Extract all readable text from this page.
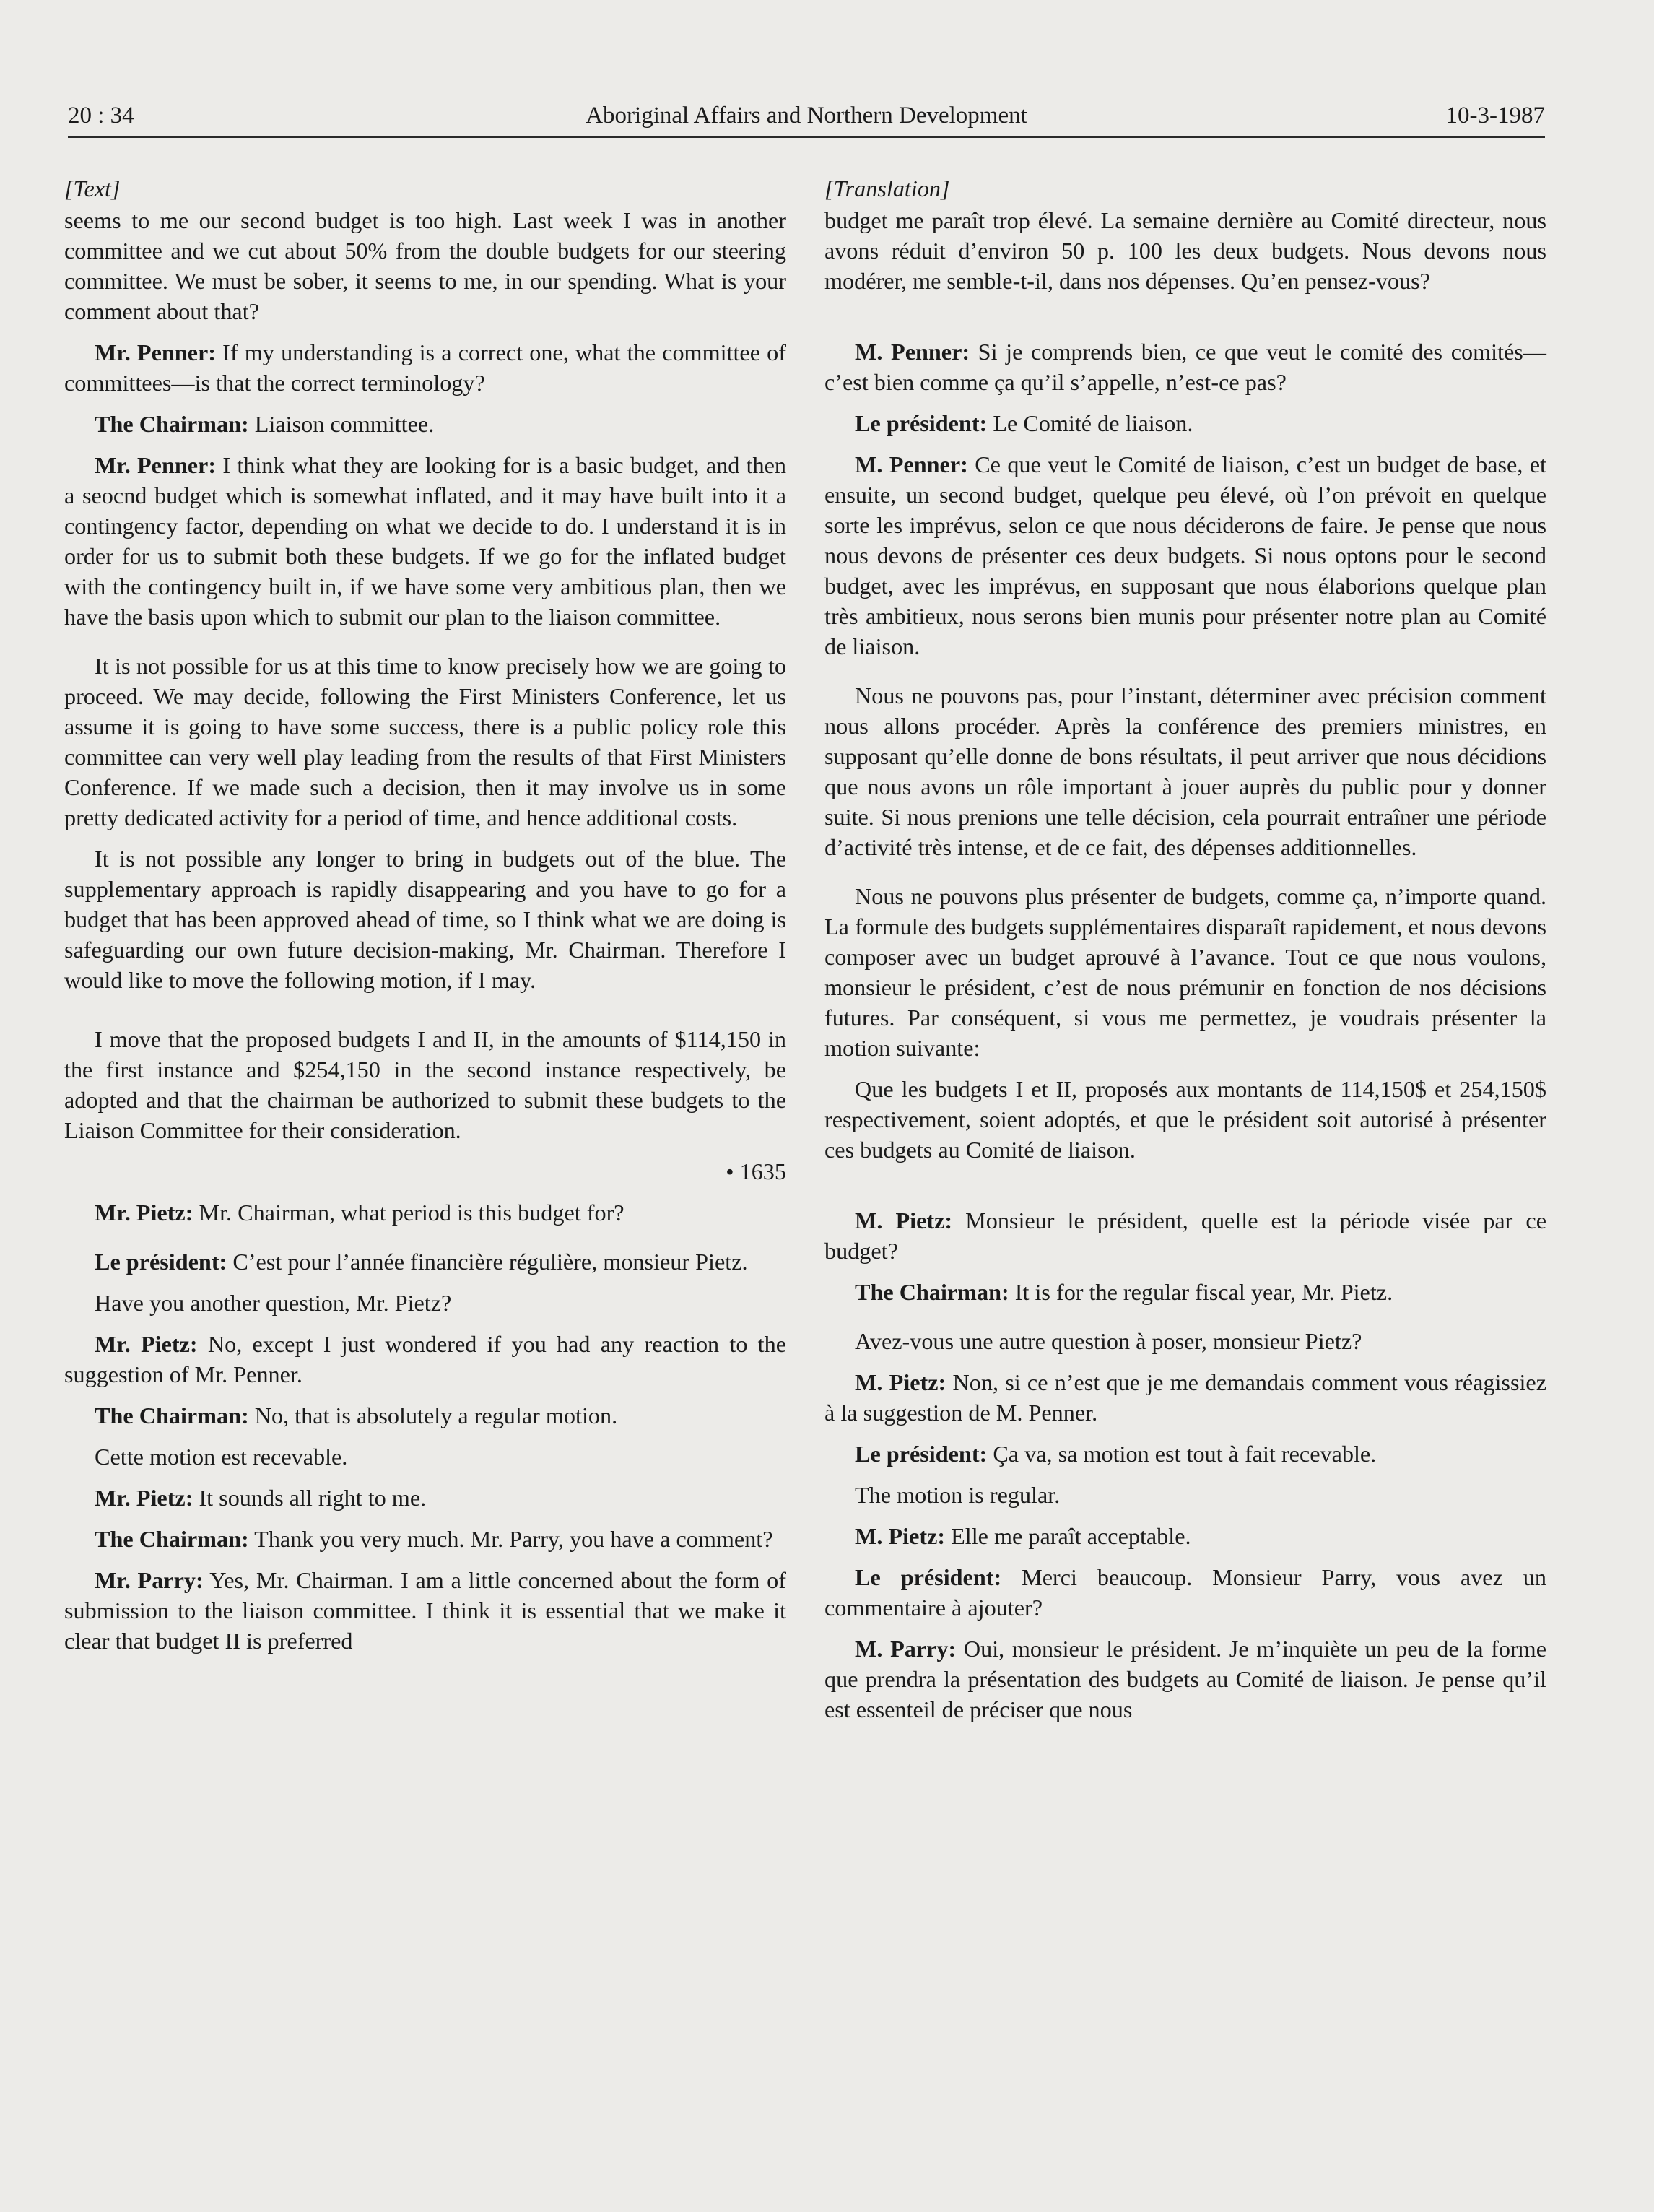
20 : 34	Aboriginal Affairs and Northern Development	10-3-1987

[Text]

seems to me our second budget is too high. Last week I was in another committee and we cut about 50% from the double budgets for our steering committee. We must be sober, it seems to me, in our spending. What is your comment about that?

Mr. Penner: If my understanding is a correct one, what the committee of committees—is that the correct terminology?

The Chairman: Liaison committee.

Mr. Penner: I think what they are looking for is a basic budget, and then a seocnd budget which is somewhat inflated, and it may have built into it a contingency factor, depending on what we decide to do. I understand it is in order for us to submit both these budgets. If we go for the inflated budget with the contingency built in, if we have some very ambitious plan, then we have the basis upon which to submit our plan to the liaison committee.

It is not possible for us at this time to know precisely how we are going to proceed. We may decide, following the First Ministers Conference, let us assume it is going to have some success, there is a public policy role this committee can very well play leading from the results of that First Ministers Conference. If we made such a decision, then it may involve us in some pretty dedicated activity for a period of time, and hence additional costs.

It is not possible any longer to bring in budgets out of the blue. The supplementary approach is rapidly disappearing and you have to go for a budget that has been approved ahead of time, so I think what we are doing is safeguarding our own future decision-making, Mr. Chairman. Therefore I would like to move the following motion, if I may.

I move that the proposed budgets I and II, in the amounts of $114,150 in the first instance and $254,150 in the second instance respectively, be adopted and that the chairman be authorized to submit these budgets to the Liaison Committee for their consideration.

• 1635

Mr. Pietz: Mr. Chairman, what period is this budget for?

Le président: C’est pour l’année financière régulière, monsieur Pietz.

Have you another question, Mr. Pietz?

Mr. Pietz: No, except I just wondered if you had any reaction to the suggestion of Mr. Penner.

The Chairman: No, that is absolutely a regular motion.

Cette motion est recevable.

Mr. Pietz: It sounds all right to me.

The Chairman: Thank you very much. Mr. Parry, you have a comment?

Mr. Parry: Yes, Mr. Chairman. I am a little concerned about the form of submission to the liaison committee. I think it is essential that we make it clear that budget II is preferred

[Translation]

budget me paraît trop élevé. La semaine dernière au Comité directeur, nous avons réduit d’environ 50 p. 100 les deux budgets. Nous devons nous modérer, me semble-t-il, dans nos dépenses. Qu’en pensez-vous?

M. Penner: Si je comprends bien, ce que veut le comité des comités—c’est bien comme ça qu’il s’appelle, n’est-ce pas?

Le président: Le Comité de liaison.

M. Penner: Ce que veut le Comité de liaison, c’est un budget de base, et ensuite, un second budget, quelque peu élevé, où l’on prévoit en quelque sorte les imprévus, selon ce que nous déciderons de faire. Je pense que nous nous devons de présenter ces deux budgets. Si nous optons pour le second budget, avec les imprévus, en supposant que nous élaborions quelque plan très ambitieux, nous serons bien munis pour présenter notre plan au Comité de liaison.

Nous ne pouvons pas, pour l’instant, déterminer avec précision comment nous allons procéder. Après la conférence des premiers ministres, en supposant qu’elle donne de bons résultats, il peut arriver que nous décidions que nous avons un rôle important à jouer auprès du public pour y donner suite. Si nous prenions une telle décision, cela pourrait entraîner une période d’activité très intense, et de ce fait, des dépenses additionnelles.

Nous ne pouvons plus présenter de budgets, comme ça, n’importe quand. La formule des budgets supplémentaires disparaît rapidement, et nous devons composer avec un budget aprouvé à l’avance. Tout ce que nous voulons, monsieur le président, c’est de nous prémunir en fonction de nos décisions futures. Par conséquent, si vous me permettez, je voudrais présenter la motion suivante:

Que les budgets I et II, proposés aux montants de 114,150$ et 254,150$ respectivement, soient adoptés, et que le président soit autorisé à présenter ces budgets au Comité de liaison.

M. Pietz: Monsieur le président, quelle est la période visée par ce budget?

The Chairman: It is for the regular fiscal year, Mr. Pietz.

Avez-vous une autre question à poser, monsieur Pietz?

M. Pietz: Non, si ce n’est que je me demandais comment vous réagissiez à la suggestion de M. Penner.

Le président: Ça va, sa motion est tout à fait recevable.

The motion is regular.

M. Pietz: Elle me paraît acceptable.

Le président: Merci beaucoup. Monsieur Parry, vous avez un commentaire à ajouter?

M. Parry: Oui, monsieur le président. Je m’inquiète un peu de la forme que prendra la présentation des budgets au Comité de liaison. Je pense qu’il est essenteil de préciser que nous
